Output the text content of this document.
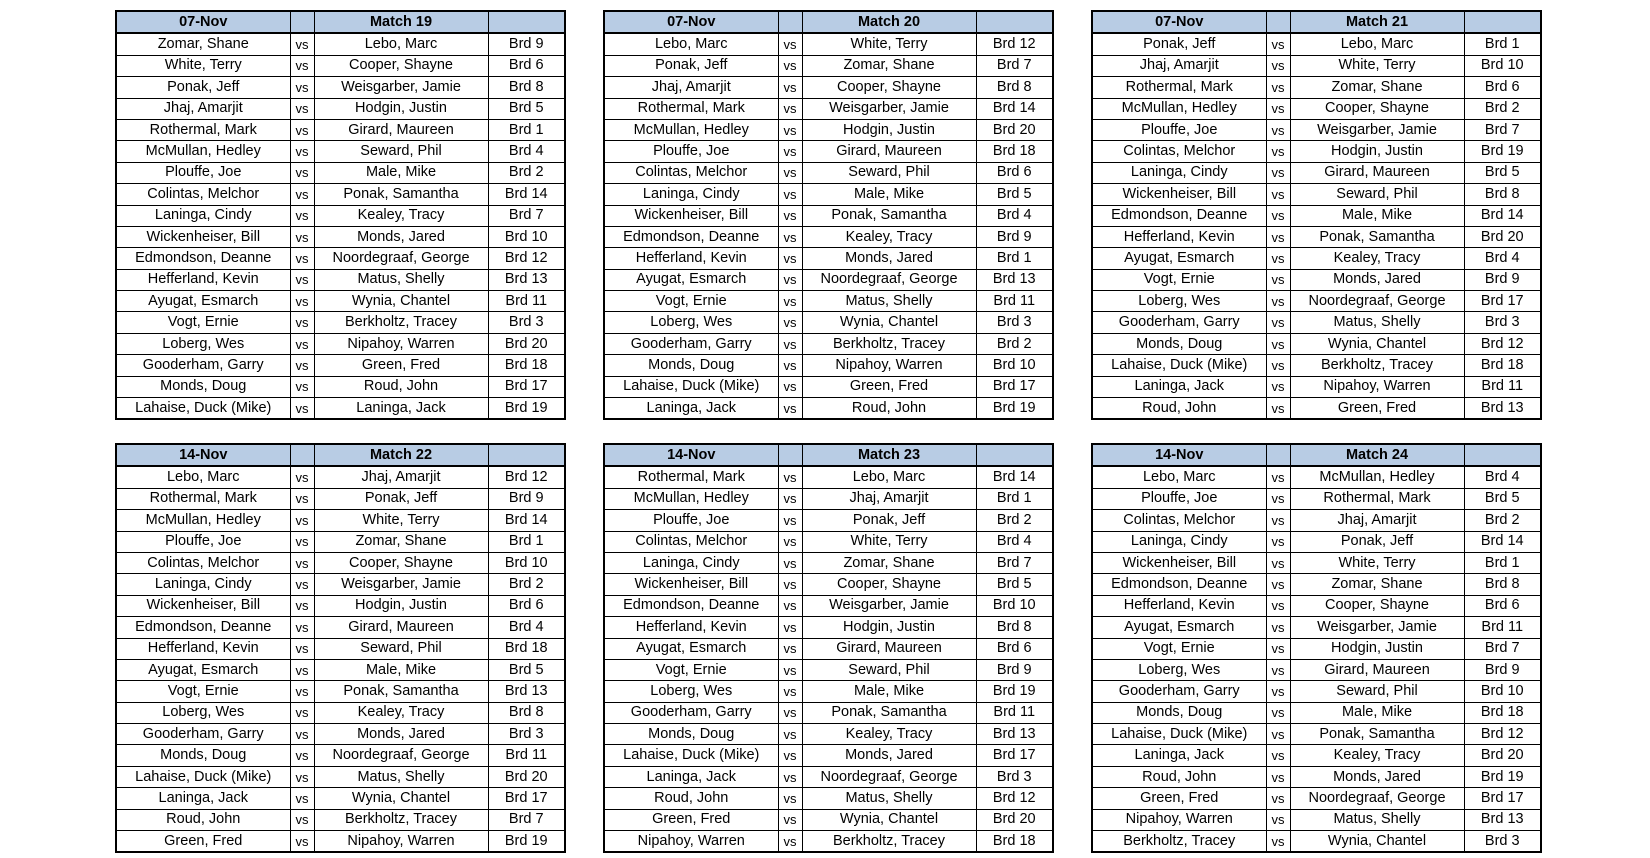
07-Nov		Match 19	
Zomar, Shane	vs	Lebo, Marc	Brd 9
White, Terry	vs	Cooper, Shayne	Brd 6
Ponak, Jeff	vs	Weisgarber, Jamie	Brd 8
Jhaj, Amarjit	vs	Hodgin, Justin	Brd 5
Rothermal, Mark	vs	Girard, Maureen	Brd 1
McMullan, Hedley	vs	Seward, Phil	Brd 4
Plouffe, Joe	vs	Male, Mike	Brd 2
Colintas, Melchor	vs	Ponak, Samantha	Brd 14
Laninga, Cindy	vs	Kealey, Tracy	Brd 7
Wickenheiser, Bill	vs	Monds, Jared	Brd 10
Edmondson, Deanne	vs	Noordegraaf, George	Brd 12
Hefferland, Kevin	vs	Matus, Shelly	Brd 13
Ayugat, Esmarch	vs	Wynia, Chantel	Brd 11
Vogt, Ernie	vs	Berkholtz, Tracey	Brd 3
Loberg, Wes	vs	Nipahoy, Warren	Brd 20
Gooderham, Garry	vs	Green, Fred	Brd 18
Monds, Doug	vs	Roud, John	Brd 17
Lahaise, Duck (Mike)	vs	Laninga, Jack	Brd 19
07-Nov		Match 20	
Lebo, Marc	vs	White, Terry	Brd 12
Ponak, Jeff	vs	Zomar, Shane	Brd 7
Jhaj, Amarjit	vs	Cooper, Shayne	Brd 8
Rothermal, Mark	vs	Weisgarber, Jamie	Brd 14
McMullan, Hedley	vs	Hodgin, Justin	Brd 20
Plouffe, Joe	vs	Girard, Maureen	Brd 18
Colintas, Melchor	vs	Seward, Phil	Brd 6
Laninga, Cindy	vs	Male, Mike	Brd 5
Wickenheiser, Bill	vs	Ponak, Samantha	Brd 4
Edmondson, Deanne	vs	Kealey, Tracy	Brd 9
Hefferland, Kevin	vs	Monds, Jared	Brd 1
Ayugat, Esmarch	vs	Noordegraaf, George	Brd 13
Vogt, Ernie	vs	Matus, Shelly	Brd 11
Loberg, Wes	vs	Wynia, Chantel	Brd 3
Gooderham, Garry	vs	Berkholtz, Tracey	Brd 2
Monds, Doug	vs	Nipahoy, Warren	Brd 10
Lahaise, Duck (Mike)	vs	Green, Fred	Brd 17
Laninga, Jack	vs	Roud, John	Brd 19
07-Nov		Match 21	
Ponak, Jeff	vs	Lebo, Marc	Brd 1
Jhaj, Amarjit	vs	White, Terry	Brd 10
Rothermal, Mark	vs	Zomar, Shane	Brd 6
McMullan, Hedley	vs	Cooper, Shayne	Brd 2
Plouffe, Joe	vs	Weisgarber, Jamie	Brd 7
Colintas, Melchor	vs	Hodgin, Justin	Brd 19
Laninga, Cindy	vs	Girard, Maureen	Brd 5
Wickenheiser, Bill	vs	Seward, Phil	Brd 8
Edmondson, Deanne	vs	Male, Mike	Brd 14
Hefferland, Kevin	vs	Ponak, Samantha	Brd 20
Ayugat, Esmarch	vs	Kealey, Tracy	Brd 4
Vogt, Ernie	vs	Monds, Jared	Brd 9
Loberg, Wes	vs	Noordegraaf, George	Brd 17
Gooderham, Garry	vs	Matus, Shelly	Brd 3
Monds, Doug	vs	Wynia, Chantel	Brd 12
Lahaise, Duck (Mike)	vs	Berkholtz, Tracey	Brd 18
Laninga, Jack	vs	Nipahoy, Warren	Brd 11
Roud, John	vs	Green, Fred	Brd 13
14-Nov		Match 22	
Lebo, Marc	vs	Jhaj, Amarjit	Brd 12
Rothermal, Mark	vs	Ponak, Jeff	Brd 9
McMullan, Hedley	vs	White, Terry	Brd 14
Plouffe, Joe	vs	Zomar, Shane	Brd 1
Colintas, Melchor	vs	Cooper, Shayne	Brd 10
Laninga, Cindy	vs	Weisgarber, Jamie	Brd 2
Wickenheiser, Bill	vs	Hodgin, Justin	Brd 6
Edmondson, Deanne	vs	Girard, Maureen	Brd 4
Hefferland, Kevin	vs	Seward, Phil	Brd 18
Ayugat, Esmarch	vs	Male, Mike	Brd 5
Vogt, Ernie	vs	Ponak, Samantha	Brd 13
Loberg, Wes	vs	Kealey, Tracy	Brd 8
Gooderham, Garry	vs	Monds, Jared	Brd 3
Monds, Doug	vs	Noordegraaf, George	Brd 11
Lahaise, Duck (Mike)	vs	Matus, Shelly	Brd 20
Laninga, Jack	vs	Wynia, Chantel	Brd 17
Roud, John	vs	Berkholtz, Tracey	Brd 7
Green, Fred	vs	Nipahoy, Warren	Brd 19
14-Nov		Match 23	
Rothermal, Mark	vs	Lebo, Marc	Brd 14
McMullan, Hedley	vs	Jhaj, Amarjit	Brd 1
Plouffe, Joe	vs	Ponak, Jeff	Brd 2
Colintas, Melchor	vs	White, Terry	Brd 4
Laninga, Cindy	vs	Zomar, Shane	Brd 7
Wickenheiser, Bill	vs	Cooper, Shayne	Brd 5
Edmondson, Deanne	vs	Weisgarber, Jamie	Brd 10
Hefferland, Kevin	vs	Hodgin, Justin	Brd 8
Ayugat, Esmarch	vs	Girard, Maureen	Brd 6
Vogt, Ernie	vs	Seward, Phil	Brd 9
Loberg, Wes	vs	Male, Mike	Brd 19
Gooderham, Garry	vs	Ponak, Samantha	Brd 11
Monds, Doug	vs	Kealey, Tracy	Brd 13
Lahaise, Duck (Mike)	vs	Monds, Jared	Brd 17
Laninga, Jack	vs	Noordegraaf, George	Brd 3
Roud, John	vs	Matus, Shelly	Brd 12
Green, Fred	vs	Wynia, Chantel	Brd 20
Nipahoy, Warren	vs	Berkholtz, Tracey	Brd 18
14-Nov		Match 24	
Lebo, Marc	vs	McMullan, Hedley	Brd 4
Plouffe, Joe	vs	Rothermal, Mark	Brd 5
Colintas, Melchor	vs	Jhaj, Amarjit	Brd 2
Laninga, Cindy	vs	Ponak, Jeff	Brd 14
Wickenheiser, Bill	vs	White, Terry	Brd 1
Edmondson, Deanne	vs	Zomar, Shane	Brd 8
Hefferland, Kevin	vs	Cooper, Shayne	Brd 6
Ayugat, Esmarch	vs	Weisgarber, Jamie	Brd 11
Vogt, Ernie	vs	Hodgin, Justin	Brd 7
Loberg, Wes	vs	Girard, Maureen	Brd 9
Gooderham, Garry	vs	Seward, Phil	Brd 10
Monds, Doug	vs	Male, Mike	Brd 18
Lahaise, Duck (Mike)	vs	Ponak, Samantha	Brd 12
Laninga, Jack	vs	Kealey, Tracy	Brd 20
Roud, John	vs	Monds, Jared	Brd 19
Green, Fred	vs	Noordegraaf, George	Brd 17
Nipahoy, Warren	vs	Matus, Shelly	Brd 13
Berkholtz, Tracey	vs	Wynia, Chantel	Brd 3
